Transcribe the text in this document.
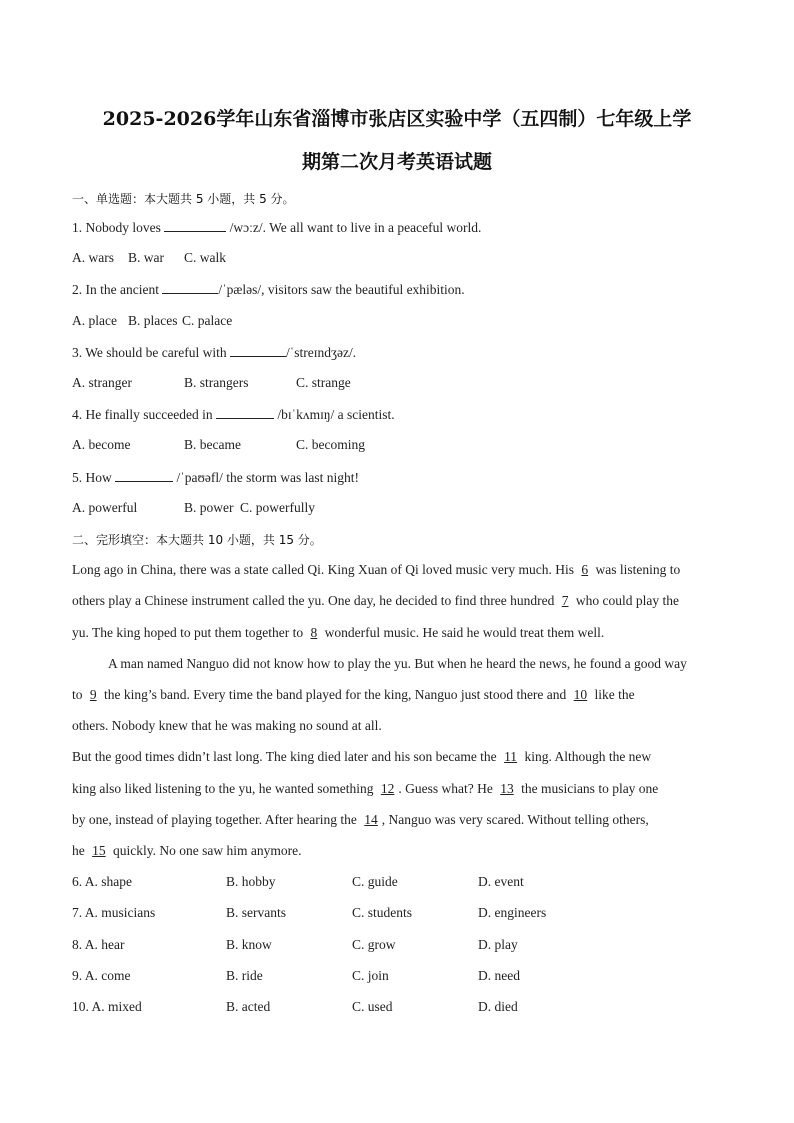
2025-2026学年山东省淄博市张店区实验中学（五四制）七年级上学
期第二次月考英语试题
一、单选题：本大题共 5 小题，共 5 分。
1. Nobody loves	/wɔːz/. We all want to live in a peaceful world.
A. wars B. war C. walk
2. In the ancient	/ˈpæləs/, visitors saw the beautiful exhibition.
A. place B. places C. palace
3. We should be careful with	/ˈstreɪndʒəz/.
A. stranger	B. strangers	C. strange
4. He finally succeeded in	/bɪˈkʌmɪŋ/ a scientist.
A. become	B. became	C. becoming
5. How	/ˈpaʊəfl/ the storm was last night!
A. powerful	B. power C. powerfully
二、完形填空：本大题共 10 小题，共 15 分。
Long ago in China, there was a state called Qi. King Xuan of Qi loved music very much. His 6 was listening to
others play a Chinese instrument called the yu. One day, he decided to find three hundred 7 who could play the
yu. The king hoped to put them together to 8 wonderful music. He said he would treat them well.
A man named Nanguo did not know how to play the yu. But when he heard the news, he found a good way
to 9 the king’s band. Every time the band played for the king, Nanguo just stood there and 10 like the
others. Nobody knew that he was making no sound at all.
But the good times didn’t last long. The king died later and his son became the 11 king. Although the new
king also liked listening to the yu, he wanted something 12 . Guess what? He 13 the musicians to play one
by one, instead of playing together. After hearing the 14 , Nanguo was very scared. Without telling others,
he 15 quickly. No one saw him anymore.
6. A. shape	B. hobby	C. guide	D. event
7. A. musicians	B. servants	C. students	D. engineers
8. A. hear	B. know	C. grow	D. play
9. A. come	B. ride	C. join	D. need
10. A. mixed	B. acted	C. used	D. died
